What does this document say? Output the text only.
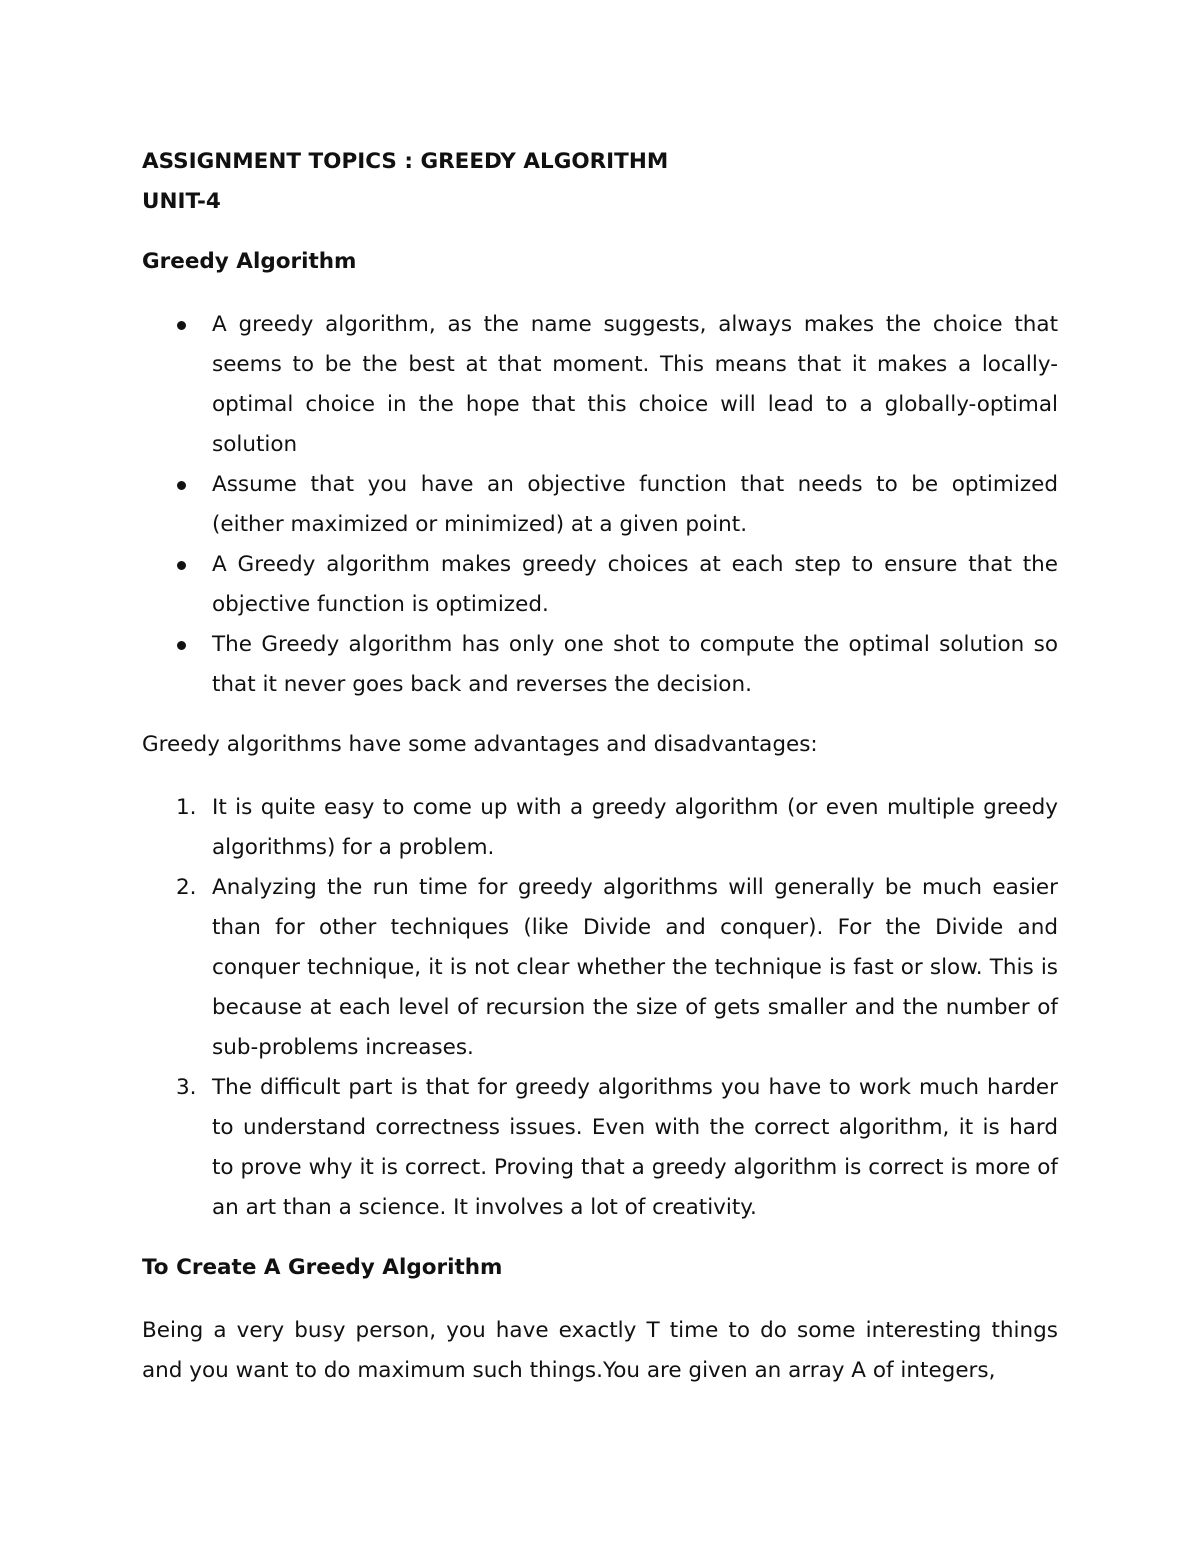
ASSIGNMENT TOPICS : GREEDY ALGORITHM

UNIT-4

Greedy Algorithm

A greedy algorithm, as the name suggests, always makes the choice that seems to be the best at that moment. This means that it makes a locally-optimal choice in the hope that this choice will lead to a globally-optimal solution
Assume that you have an objective function that needs to be optimized (either maximized or minimized) at a given point.
A Greedy algorithm makes greedy choices at each step to ensure that the objective function is optimized.
The Greedy algorithm has only one shot to compute the optimal solution so that it never goes back and reverses the decision.

Greedy algorithms have some advantages and disadvantages:

1. It is quite easy to come up with a greedy algorithm (or even multiple greedy algorithms) for a problem.
2. Analyzing the run time for greedy algorithms will generally be much easier than for other techniques (like Divide and conquer). For the Divide and conquer technique, it is not clear whether the technique is fast or slow. This is because at each level of recursion the size of gets smaller and the number of sub-problems increases.
3. The difficult part is that for greedy algorithms you have to work much harder to understand correctness issues. Even with the correct algorithm, it is hard to prove why it is correct. Proving that a greedy algorithm is correct is more of an art than a science. It involves a lot of creativity.

To Create A Greedy Algorithm

Being a very busy person, you have exactly T time to do some interesting things and you want to do maximum such things.You are given an array A of integers,
